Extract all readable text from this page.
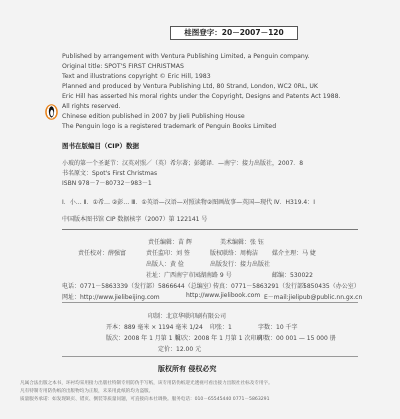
桂图登字：20－2007－120
Published by arrangement with Ventura Publishing Limited, a Penguin company.
Original title: SPOT'S FIRST CHRISTMAS
Text and illustrations copyright © Eric Hill, 1983
Planned and produced by Ventura Publishing Ltd, 80 Strand, London, WC2 0RL, UK
Eric Hill has asserted his moral rights under the Copyright, Designs and Patents Act 1988.
All rights reserved.
Chinese edition published in 2007 by Jieli Publishing House
The Penguin logo is a registered trademark of Penguin Books Limited
图书在版编目（CIP）数据
小玻的第一个圣诞节：汉英对照／（英）希尔著；彭懿译．—南宁：接力出版社，2007．8
书名原文：Spot's First Christmas
ISBN 978－7－80732－983－1
Ⅰ．小… Ⅱ．①希… ②彭… Ⅲ．①英语—汉语—对照读物②图画故事—英国—现代 Ⅳ．H319.4：I
中国版本图书馆 CIP 数据核字（2007）第 122141 号
责任编辑：苗 辉	美术编辑：张 钰
责任校对：薛强富	责任监印：刘 签	版权联络：周梅洁 媒介主理：马 婕
出版人：黄 俭	出版发行：接力出版社
社址：广西南宁市园湖南路 9 号	邮编：530022
电话：0771－5863339（发行部） 5866644（总编室）
传真：0771－5863291（发行部）
5850435（办公室）
网址：http://www.jielibeijing.com	http://www.jielibook.com E－mail:jielipub@public.nn.gx.cn
印制：北京华联印刷有限公司
开本：889 毫米 × 1194 毫米 1/24 印张：1	字数：10 千字
版次：2008 年 1 月第 1 版
印次：2008 年 1 月第 1 次印刷
印数：00 001 — 15 000 册
定价：12.00 元
版权所有 侵权必究
凡属合法出版之本书，环衬均采用接力出版社特制专用防伪手写纸，该专用防伪纸迎光透视可看出接力出版社社标及专用字。
凡有特制专用防伪纸的出版物均为正版，未采用此纸的均为盗版。
质量服务承诺：如发现缺页、错页、倒装等质量问题，可直接向本社调换。服务电话：010－65545440 0771－5863291
